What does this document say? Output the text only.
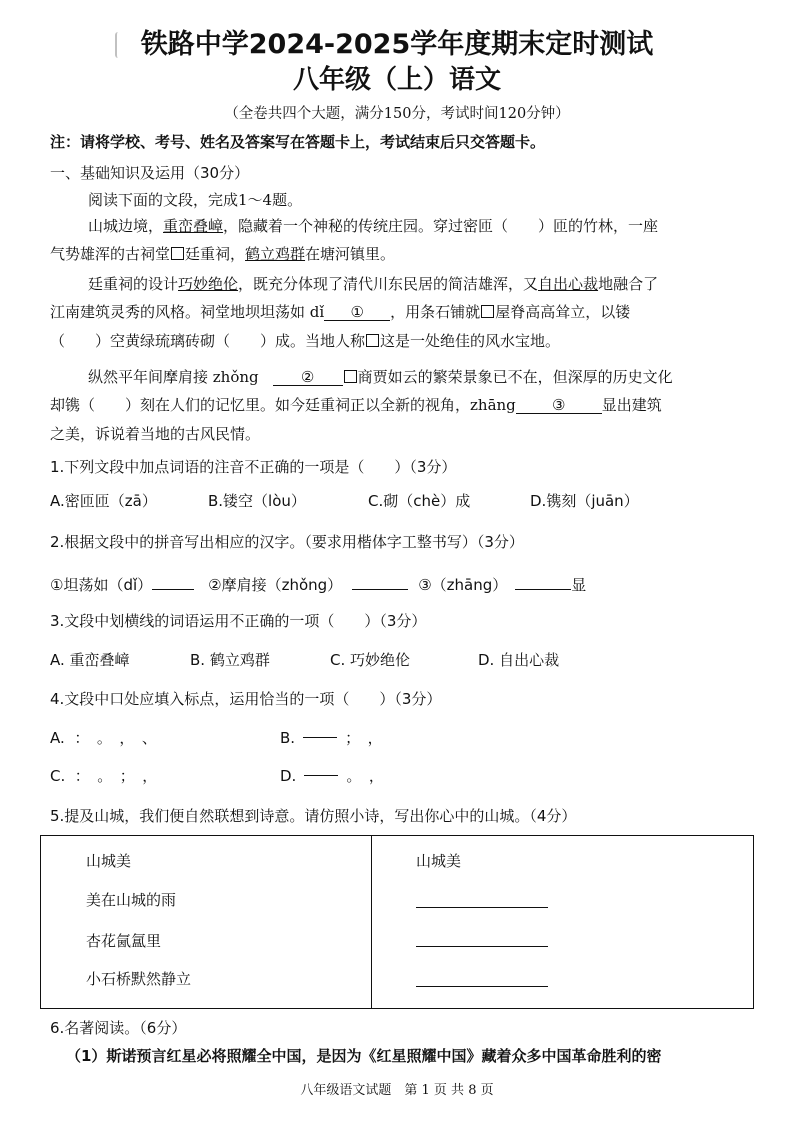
铁路中学2024-2025学年度期末定时测试
八年级（上）语文
（全卷共四个大题，满分150分，考试时间120分钟）
注：请将学校、考号、姓名及答案写在答题卡上，考试结束后只交答题卡。
一、基础知识及运用（30分）
阅读下面的文段，完成1～4题。
山城边境，重峦叠嶂，隐藏着一个神秘的传统庄园。穿过密匝（　　）匝的竹林，一座
气势雄浑的古祠堂 廷重祠，鹤立鸡群在塘河镇里。
廷重祠的设计巧妙绝伦，既充分体现了清代川东民居的简洁雄浑，又自出心裁地融合了
江南建筑灵秀的风格。祠堂地坝坦荡如 dǐ ① ，用条石铺就 屋脊高高耸立，以镂
（　　）空黄绿琉璃砖砌（　　）成。当地人称 这是一处绝佳的风水宝地。
纵然平年间摩肩接 zhǒng	②	商贾如云的繁荣景象已不在，但深厚的历史文化
却镌（　　）刻在人们的记忆里。如今廷重祠正以全新的视角，zhāng ③ 显出建筑
之美，诉说着当地的古风民情。
1.下列文段中加点词语的注音不正确的一项是（　　）（3分）
A.密匝匝（zā）	B.镂空（lòu）	C.砌（chè）成	D.镌刻（juān）
2.根据文段中的拼音写出相应的汉字。（要求用楷体字工整书写）（3分）
①坦荡如（dǐ）	②摩肩接（zhǒng）	③（zhāng）	显
3.文段中划横线的词语运用不正确的一项（　　）（3分）
A. 重峦叠嶂	B. 鹤立鸡群	C. 巧妙绝伦	D. 自出心裁
4.文段中口处应填入标点，运用恰当的一项（　　）（3分）
A. ：　。　，　、	B.	；　，
C. ：　。　；　，	D.	。　，
5.提及山城，我们便自然联想到诗意。请仿照小诗，写出你心中的山城。（4分）
山城美
美在山城的雨
杏花氤氲里
小石桥默然静立
山城美
6.名著阅读。（6分）
（1）斯诺预言红星必将照耀全中国，是因为《红星照耀中国》藏着众多中国革命胜利的密
八年级语文试题　第 1 页 共 8 页
